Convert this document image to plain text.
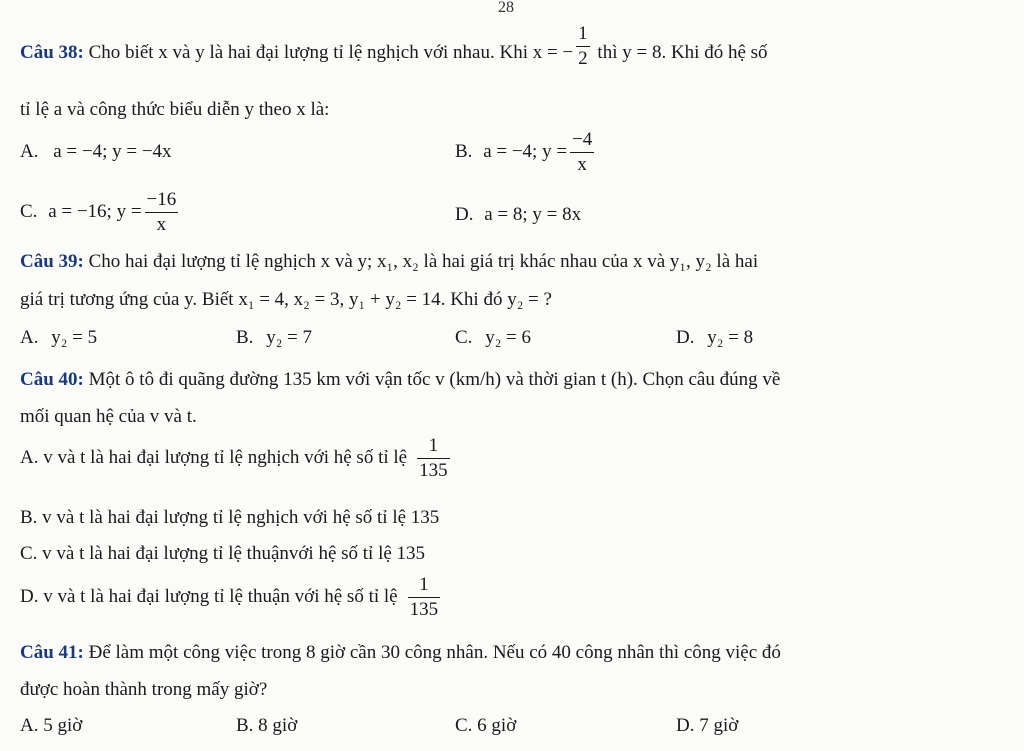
28
Câu 38: Cho biết x và y là hai đại lượng tỉ lệ nghịch với nhau. Khi x = − $\frac{1}{2}$ thì y = 8. Khi đó hệ số
tỉ lệ a và công thức biểu diễn y theo x là:
A. a = −4; y = −4x	B. a = −4; $y = \frac{-4}{x}$
C. a = −16; $y = \frac{-16}{x}$	D. a = 8; y = 8x
Câu 39: Cho hai đại lượng tỉ lệ nghịch x và y; x₁, x₂ là hai giá trị khác nhau của x và y₁, y₂ là hai
giá trị tương ứng của y. Biết x₁ = 4, x₂ = 3, y₁ + y₂ = 14. Khi đó y₂ = ?
A. y₂ = 5	B. y₂ = 7	C. y₂ = 6	D. y₂ = 8
Câu 40: Một ô tô đi quãng đường 135 km với vận tốc v (km/h) và thời gian t (h). Chọn câu đúng về
mối quan hệ của v và t.
A. v và t là hai đại lượng tỉ lệ nghịch với hệ số tỉ lệ $\frac{1}{135}$
B. v và t là hai đại lượng tỉ lệ nghịch với hệ số tỉ lệ 135
C. v và t là hai đại lượng tỉ lệ thuậnvới hệ số tỉ lệ 135
D. v và t là hai đại lượng tỉ lệ thuận với hệ số tỉ lệ $\frac{1}{135}$
Câu 41: Để làm một công việc trong 8 giờ cần 30 công nhân. Nếu có 40 công nhân thì công việc đó
được hoàn thành trong mấy giờ?
A. 5 giờ	B. 8 giờ	C. 6 giờ	D. 7 giờ
